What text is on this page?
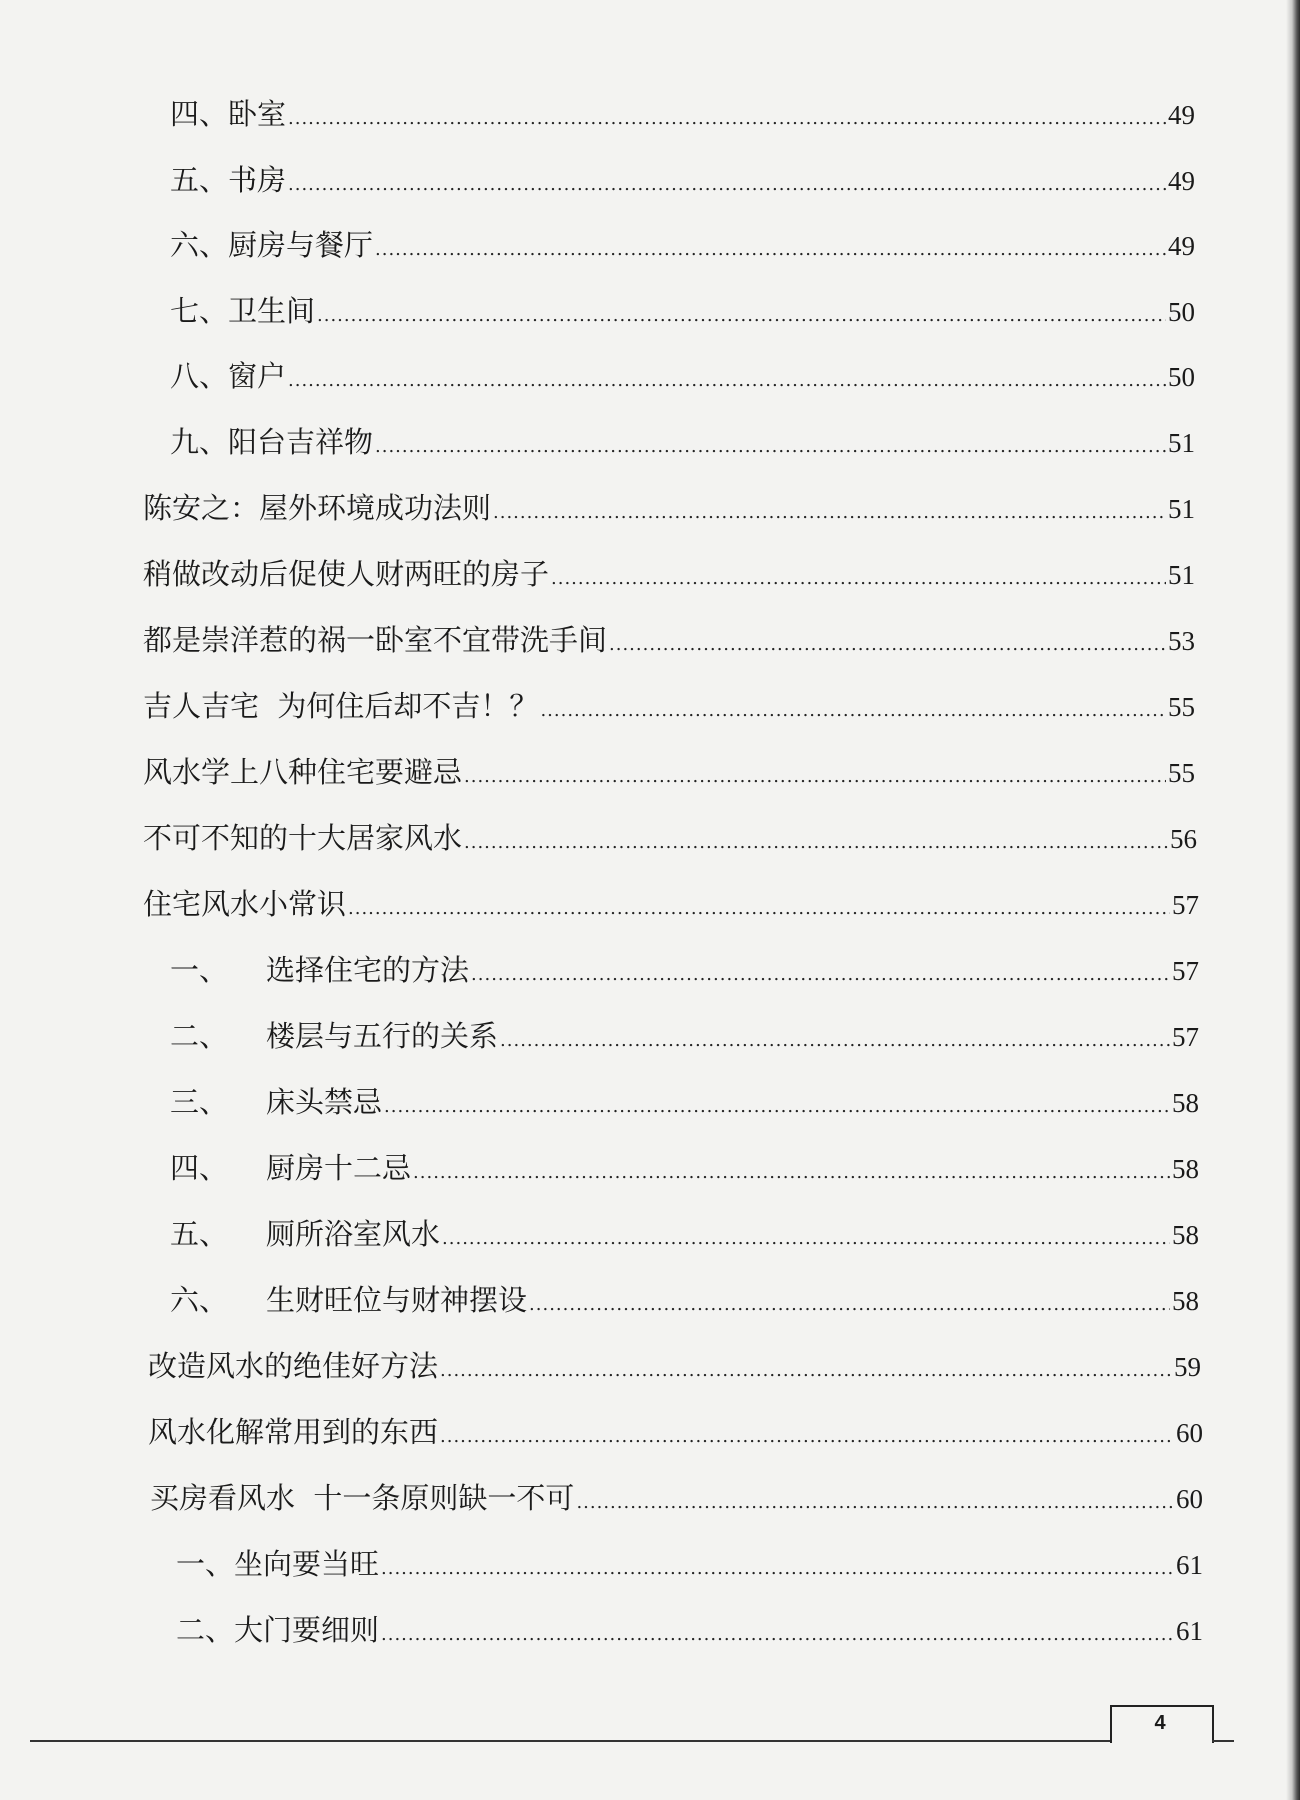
四、卧室 .....	49
五、书房 .....	49
六、厨房与餐厅 .....	49
七、卫生间 .....	50
八、窗户 .....	50
九、阳台吉祥物 .....	51
陈安之：屋外环境成功法则 .....	51
稍做改动后促使人财两旺的房子 .....	51
都是崇洋惹的祸一卧室不宜带洗手间 .....	53
吉人吉宅  为何住后却不吉！？ .....	55
风水学上八种住宅要避忌 .....	55
不可不知的十大居家风水 .....	56
住宅风水小常识 .....	57
一、 选择住宅的方法 .....	57
二、 楼层与五行的关系 .....	57
三、 床头禁忌 .....	58
四、 厨房十二忌 .....	58
五、 厕所浴室风水 .....	58
六、 生财旺位与财神摆设 .....	58
改造风水的绝佳好方法 .....	59
风水化解常用到的东西 .....	60
买房看风水  十一条原则缺一不可 .....	60
一、坐向要当旺 .....	61
二、大门要细则 .....	61
4
